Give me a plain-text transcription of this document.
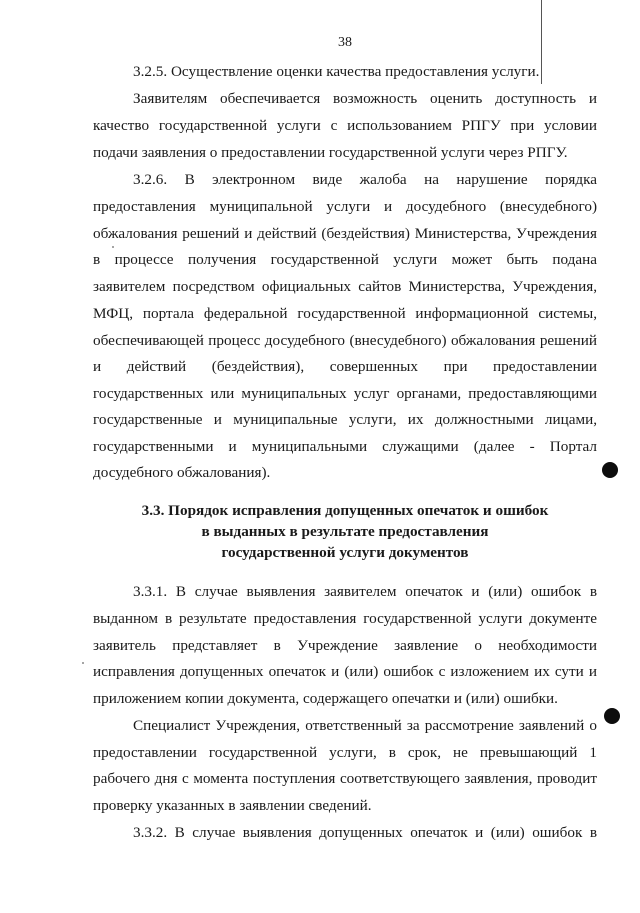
38
3.2.5. Осуществление оценки качества предоставления услуги.
Заявителям обеспечивается возможность оценить доступность и
качество государственной услуги с использованием РПГУ при условии
подачи заявления о предоставлении государственной услуги через РПГУ.
3.2.6. В электронном виде жалоба на нарушение порядка
предоставления муниципальной услуги и досудебного (внесудебного)
обжалования решений и действий (бездействия) Министерства, Учреждения
в процессе получения государственной услуги может быть подана
заявителем посредством официальных сайтов Министерства, Учреждения,
МФЦ, портала федеральной государственной информационной системы,
обеспечивающей процесс досудебного (внесудебного) обжалования решений
и действий (бездействия), совершенных при предоставлении
государственных или муниципальных услуг органами, предоставляющими
государственные и муниципальные услуги, их должностными лицами,
государственными и муниципальными служащими (далее - Портал
досудебного обжалования).
3.3. Порядок исправления допущенных опечаток и ошибок
в выданных в результате предоставления
государственной услуги документов
3.3.1. В случае выявления заявителем опечаток и (или) ошибок в
выданном в результате предоставления государственной услуги документе
заявитель представляет в Учреждение заявление о необходимости
исправления допущенных опечаток и (или) ошибок с изложением их сути и
приложением копии документа, содержащего опечатки и (или) ошибки.
Специалист Учреждения, ответственный за рассмотрение заявлений о
предоставлении государственной услуги, в срок, не превышающий 1
рабочего дня с момента поступления соответствующего заявления, проводит
проверку указанных в заявлении сведений.
3.3.2. В случае выявления допущенных опечаток и (или) ошибок в
